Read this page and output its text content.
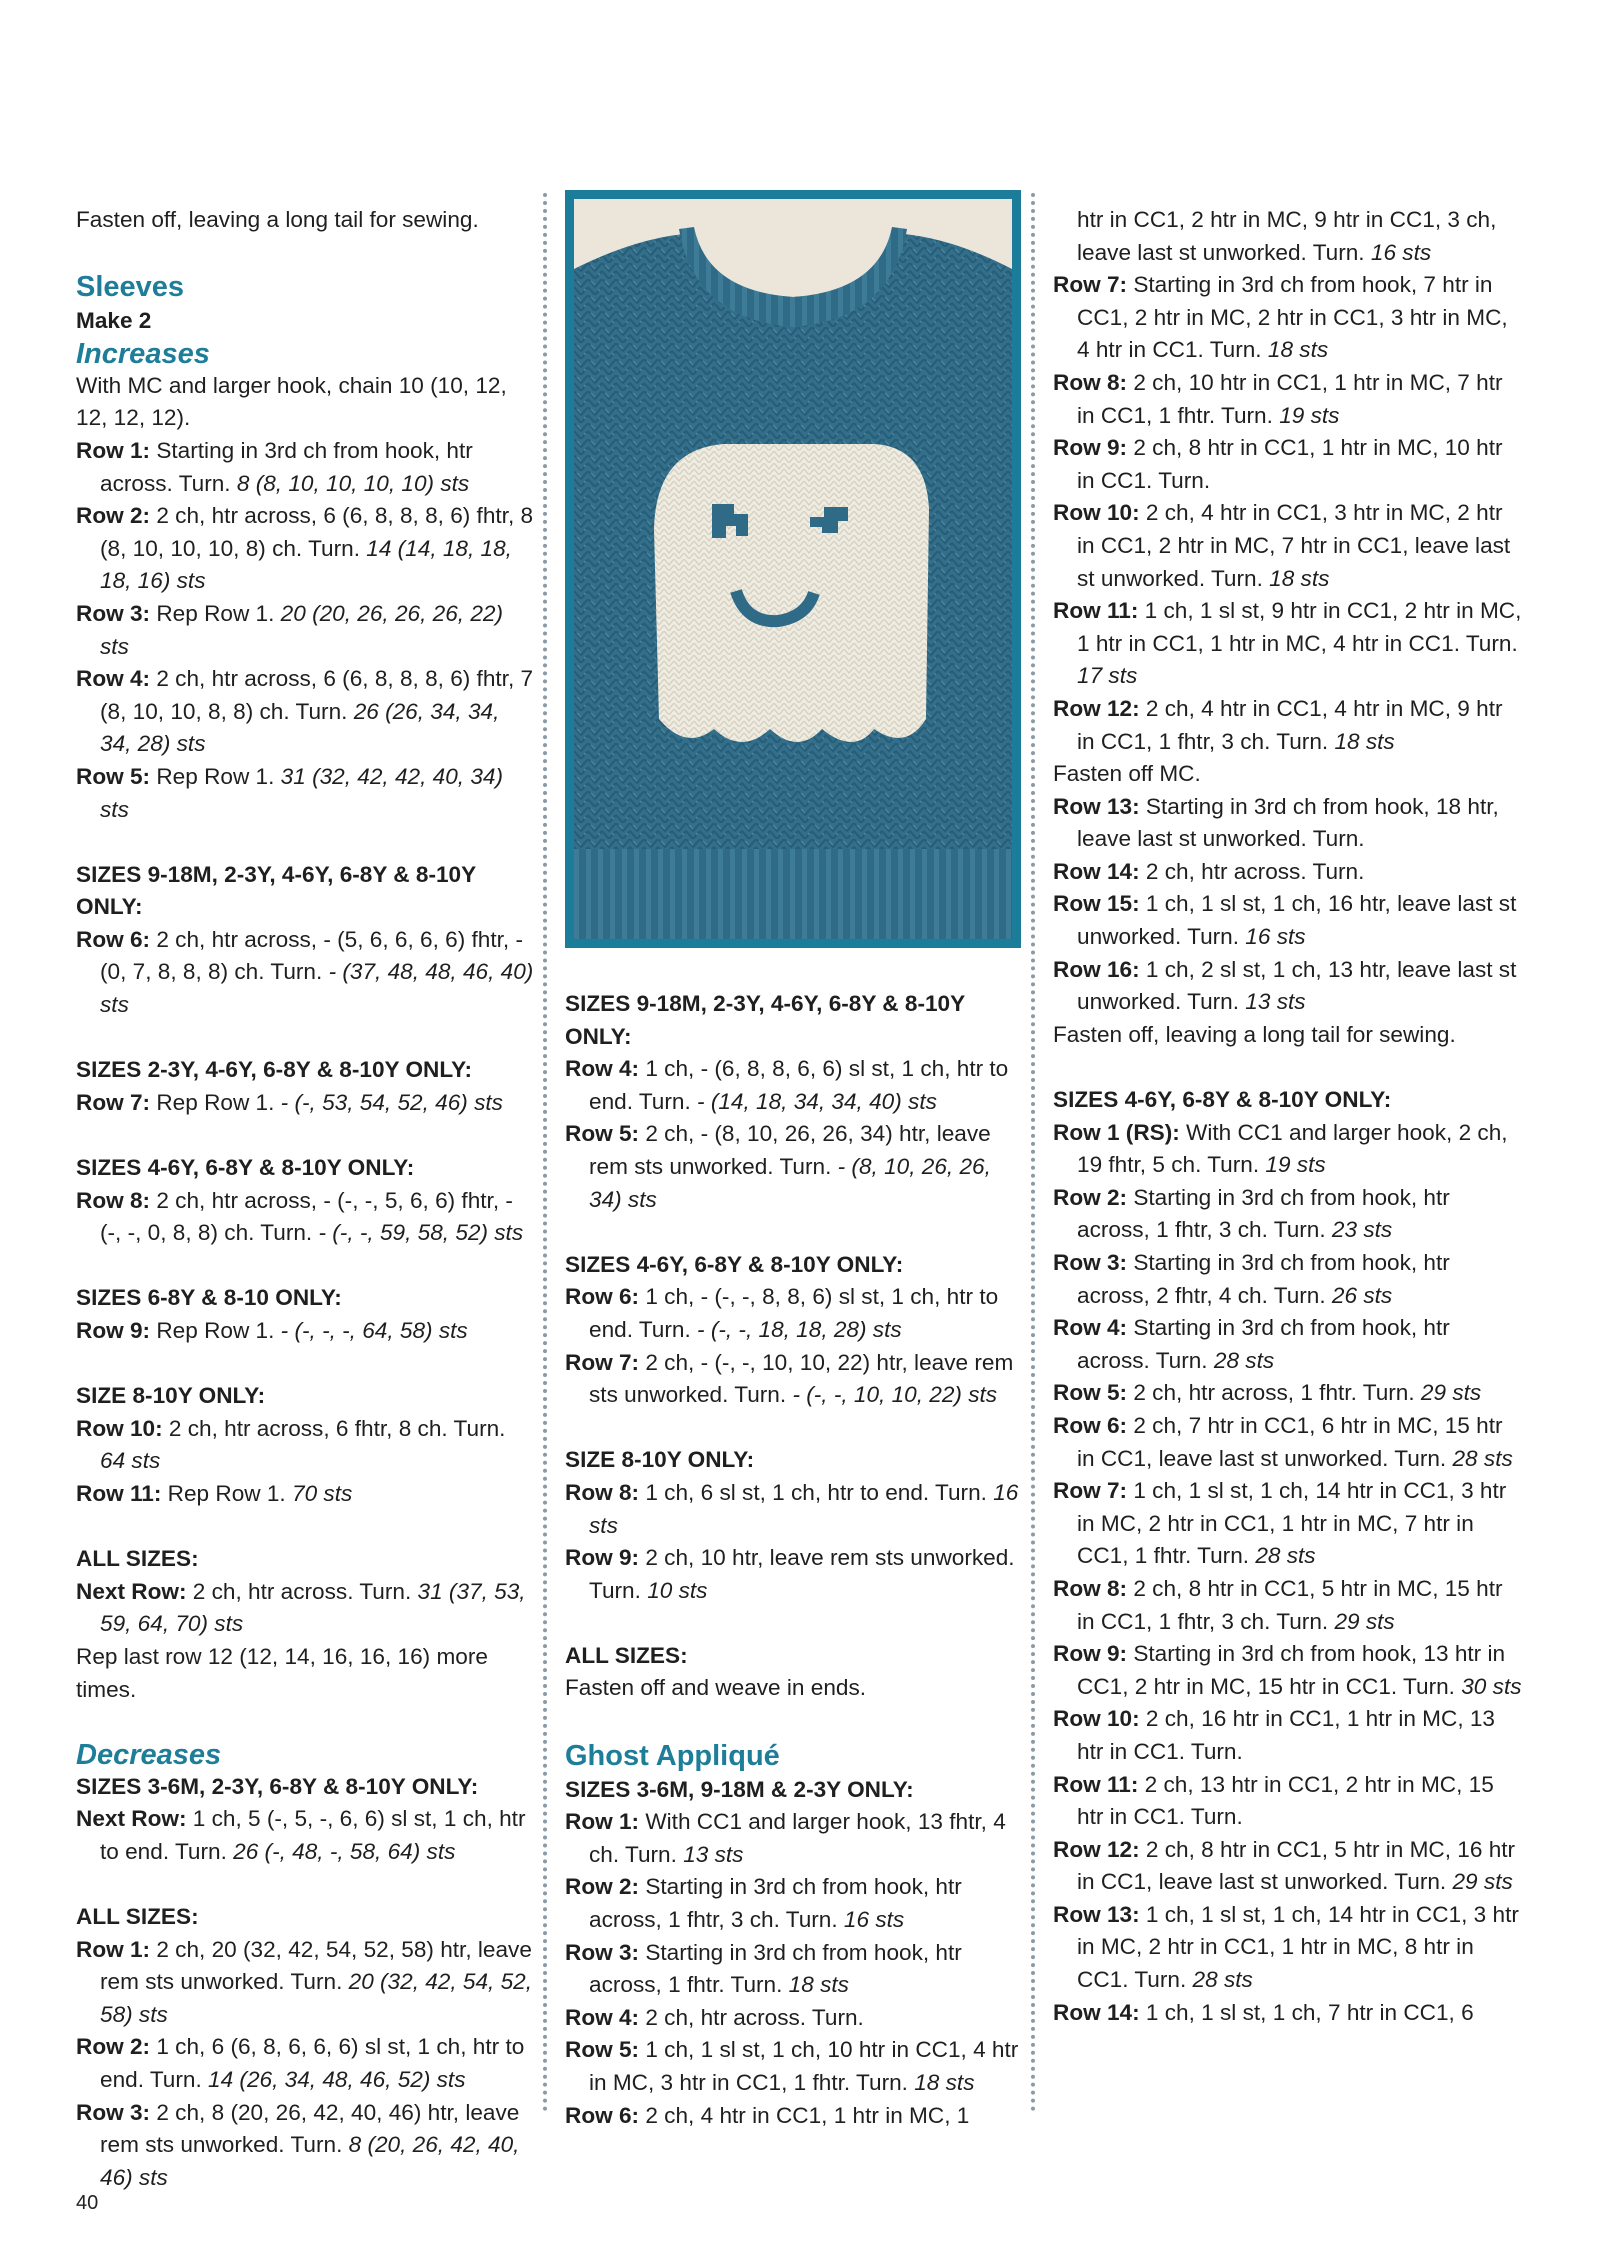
Fasten off, leaving a long tail for sewing.
Sleeves
Make 2
Increases
With MC and larger hook, chain 10 (10, 12, 12, 12, 12).
Row 1: Starting in 3rd ch from hook, htr across. Turn. 8 (8, 10, 10, 10, 10) sts
Row 2: 2 ch, htr across, 6 (6, 8, 8, 8, 6) fhtr, 8 (8, 10, 10, 10, 8) ch. Turn. 14 (14, 18, 18, 18, 16) sts
Row 3: Rep Row 1. 20 (20, 26, 26, 26, 22) sts
Row 4: 2 ch, htr across, 6 (6, 8, 8, 8, 6) fhtr, 7 (8, 10, 10, 8, 8) ch. Turn. 26 (26, 34, 34, 34, 28) sts
Row 5: Rep Row 1. 31 (32, 42, 42, 40, 34) sts
SIZES 9-18M, 2-3Y, 4-6Y, 6-8Y & 8-10Y ONLY:
Row 6: 2 ch, htr across, - (5, 6, 6, 6, 6) fhtr, - (0, 7, 8, 8, 8) ch. Turn. - (37, 48, 48, 46, 40) sts
SIZES 2-3Y, 4-6Y, 6-8Y & 8-10Y ONLY:
Row 7: Rep Row 1. - (-, 53, 54, 52, 46) sts
SIZES 4-6Y, 6-8Y & 8-10Y ONLY:
Row 8: 2 ch, htr across, - (-, -, 5, 6, 6) fhtr, - (-, -, 0, 8, 8) ch. Turn. - (-, -, 59, 58, 52) sts
SIZES 6-8Y & 8-10 ONLY:
Row 9: Rep Row 1. - (-, -, -, 64, 58) sts
SIZE 8-10Y ONLY:
Row 10: 2 ch, htr across, 6 fhtr, 8 ch. Turn. 64 sts
Row 11: Rep Row 1. 70 sts
ALL SIZES:
Next Row: 2 ch, htr across. Turn. 31 (37, 53, 59, 64, 70) sts
Rep last row 12 (12, 14, 16, 16, 16) more times.
Decreases
SIZES 3-6M, 2-3Y, 6-8Y & 8-10Y ONLY:
Next Row: 1 ch, 5 (-, 5, -, 6, 6) sl st, 1 ch, htr to end. Turn. 26 (-, 48, -, 58, 64) sts
ALL SIZES:
Row 1: 2 ch, 20 (32, 42, 54, 52, 58) htr, leave rem sts unworked. Turn. 20 (32, 42, 54, 52, 58) sts
Row 2: 1 ch, 6 (6, 8, 6, 6, 6) sl st, 1 ch, htr to end. Turn. 14 (26, 34, 48, 46, 52) sts
Row 3: 2 ch, 8 (20, 26, 42, 40, 46) htr, leave rem sts unworked. Turn. 8 (20, 26, 42, 40, 46) sts
SIZES 9-18M, 2-3Y, 4-6Y, 6-8Y & 8-10Y ONLY:
Row 4: 1 ch, - (6, 8, 8, 6, 6) sl st, 1 ch, htr to end. Turn. - (14, 18, 34, 34, 40) sts
Row 5: 2 ch, - (8, 10, 26, 26, 34) htr, leave rem sts unworked. Turn. - (8, 10, 26, 26, 34) sts
SIZES 4-6Y, 6-8Y & 8-10Y ONLY:
Row 6: 1 ch, - (-, -, 8, 8, 6) sl st, 1 ch, htr to end. Turn. - (-, -, 18, 18, 28) sts
Row 7: 2 ch, - (-, -, 10, 10, 22) htr, leave rem sts unworked. Turn. - (-, -, 10, 10, 22) sts
SIZE 8-10Y ONLY:
Row 8: 1 ch, 6 sl st, 1 ch, htr to end. Turn. 16 sts
Row 9: 2 ch, 10 htr, leave rem sts unworked. Turn. 10 sts
ALL SIZES:
Fasten off and weave in ends.
Ghost Appliqué
SIZES 3-6M, 9-18M & 2-3Y ONLY:
Row 1: With CC1 and larger hook, 13 fhtr, 4 ch. Turn. 13 sts
Row 2: Starting in 3rd ch from hook, htr across, 1 fhtr, 3 ch. Turn. 16 sts
Row 3: Starting in 3rd ch from hook, htr across, 1 fhtr. Turn. 18 sts
Row 4: 2 ch, htr across. Turn.
Row 5: 1 ch, 1 sl st, 1 ch, 10 htr in CC1, 4 htr in MC, 3 htr in CC1, 1 fhtr. Turn. 18 sts
Row 6: 2 ch, 4 htr in CC1, 1 htr in MC, 1
htr in CC1, 2 htr in MC, 9 htr in CC1, 3 ch, leave last st unworked. Turn. 16 sts
Row 7: Starting in 3rd ch from hook, 7 htr in CC1, 2 htr in MC, 2 htr in CC1, 3 htr in MC, 4 htr in CC1. Turn. 18 sts
Row 8: 2 ch, 10 htr in CC1, 1 htr in MC, 7 htr in CC1, 1 fhtr. Turn. 19 sts
Row 9: 2 ch, 8 htr in CC1, 1 htr in MC, 10 htr in CC1. Turn.
Row 10: 2 ch, 4 htr in CC1, 3 htr in MC, 2 htr in CC1, 2 htr in MC, 7 htr in CC1, leave last st unworked. Turn. 18 sts
Row 11: 1 ch, 1 sl st, 9 htr in CC1, 2 htr in MC, 1 htr in CC1, 1 htr in MC, 4 htr in CC1. Turn. 17 sts
Row 12: 2 ch, 4 htr in CC1, 4 htr in MC, 9 htr in CC1, 1 fhtr, 3 ch. Turn. 18 sts
Fasten off MC.
Row 13: Starting in 3rd ch from hook, 18 htr, leave last st unworked. Turn.
Row 14: 2 ch, htr across. Turn.
Row 15: 1 ch, 1 sl st, 1 ch, 16 htr, leave last st unworked. Turn. 16 sts
Row 16: 1 ch, 2 sl st, 1 ch, 13 htr, leave last st unworked. Turn. 13 sts
Fasten off, leaving a long tail for sewing.
SIZES 4-6Y, 6-8Y & 8-10Y ONLY:
Row 1 (RS): With CC1 and larger hook, 2 ch, 19 fhtr, 5 ch. Turn. 19 sts
Row 2: Starting in 3rd ch from hook, htr across, 1 fhtr, 3 ch. Turn. 23 sts
Row 3: Starting in 3rd ch from hook, htr across, 2 fhtr, 4 ch. Turn. 26 sts
Row 4: Starting in 3rd ch from hook, htr across. Turn. 28 sts
Row 5: 2 ch, htr across, 1 fhtr. Turn. 29 sts
Row 6: 2 ch, 7 htr in CC1, 6 htr in MC, 15 htr in CC1, leave last st unworked. Turn. 28 sts
Row 7: 1 ch, 1 sl st, 1 ch, 14 htr in CC1, 3 htr in MC, 2 htr in CC1, 1 htr in MC, 7 htr in CC1, 1 fhtr. Turn. 28 sts
Row 8: 2 ch, 8 htr in CC1, 5 htr in MC, 15 htr in CC1, 1 fhtr, 3 ch. Turn. 29 sts
Row 9: Starting in 3rd ch from hook, 13 htr in CC1, 2 htr in MC, 15 htr in CC1. Turn. 30 sts
Row 10: 2 ch, 16 htr in CC1, 1 htr in MC, 13 htr in CC1. Turn.
Row 11: 2 ch, 13 htr in CC1, 2 htr in MC, 15 htr in CC1. Turn.
Row 12: 2 ch, 8 htr in CC1, 5 htr in MC, 16 htr in CC1, leave last st unworked. Turn. 29 sts
Row 13: 1 ch, 1 sl st, 1 ch, 14 htr in CC1, 3 htr in MC, 2 htr in CC1, 1 htr in MC, 8 htr in CC1. Turn. 28 sts
Row 14: 1 ch, 1 sl st, 1 ch, 7 htr in CC1, 6
40
